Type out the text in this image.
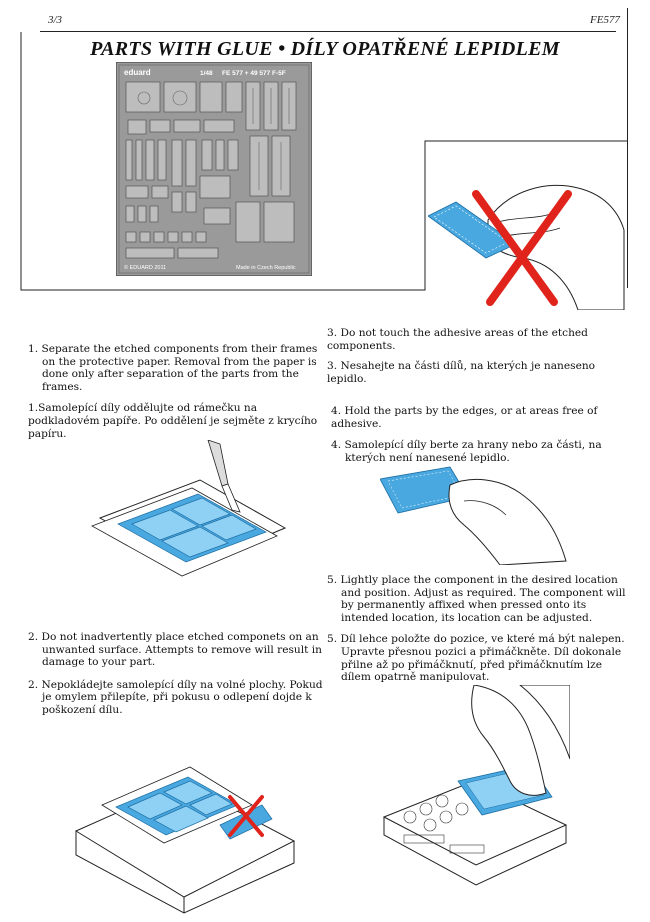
3/3	FE577
PARTS WITH GLUE • DÍLY OPATŘENÉ LEPIDLEM
eduard	1/48 FE 577 + 49 577 F-5F
© EDUARD 2011	Made in Czech Republic

1. Separate the etched components from their frames on the protective paper. Removal from the paper is done only after separation of the parts from the frames.

1.Samolepící díly oddělujte od rámečku na podkladovém papíře. Po oddělení je sejměte z krycího papíru.

2. Do not inadvertently place etched componets on an unwanted surface. Attempts to remove will result in damage to your part.

2. Nepokládejte samolepící díly na volné plochy. Pokud je omylem přilepíte, při pokusu o odlepení dojde k poškození dílu.

3. Do not touch the adhesive areas of the etched components.

3. Nesahejte na části dílů, na kterých je naneseno lepidlo.

4. Hold the parts by the edges, or at areas free of adhesive.

4. Samolepící díly berte za hrany nebo za části, na kterých není nanesené lepidlo.

5. Lightly place the component in the desired location and position. Adjust as required. The component will by permanently affixed when pressed onto its intended location, its location can be adjusted.

5. Díl lehce položte do pozice, ve které má být nalepen. Upravte přesnou pozici a přimáčkněte. Díl dokonale přilne až po přimáčknutí, před přimáčknutím lze dílem opatrně manipulovat.
